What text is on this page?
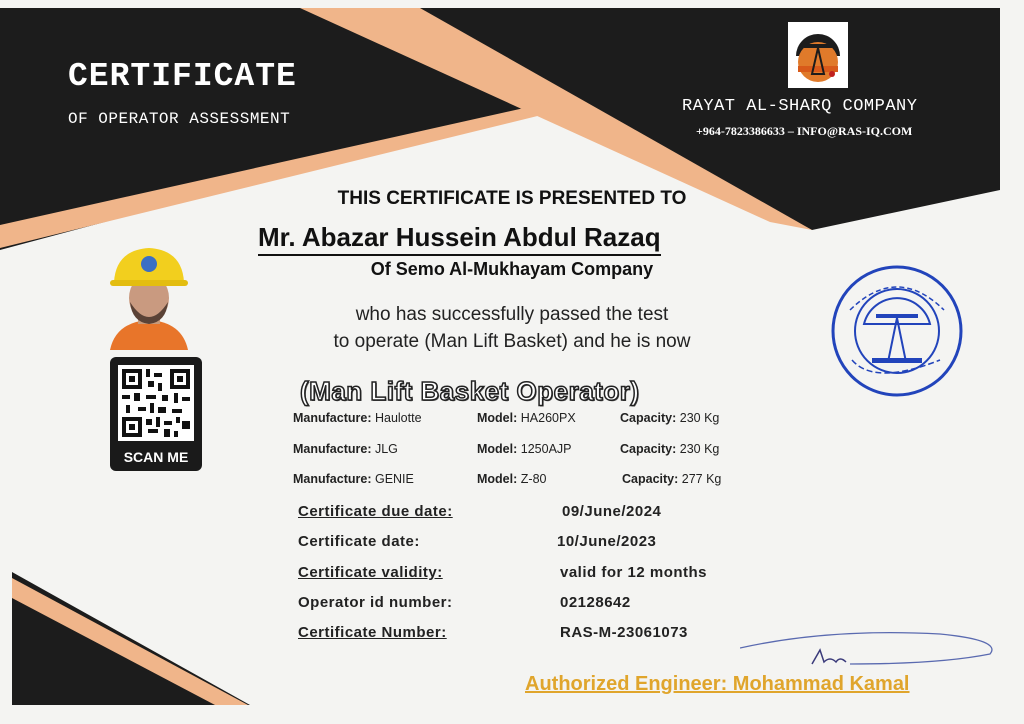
CERTIFICATE
OF OPERATOR ASSESSMENT
RAYAT AL-SHARQ COMPANY
+964-7823386633 – INFO@RAS-IQ.COM
THIS CERTIFICATE IS PRESENTED TO
Mr. Abazar Hussein Abdul Razaq
Of Semo Al-Mukhayam Company
who has successfully passed the test
to operate (Man Lift Basket) and he is now
(Man Lift Basket Operator)
Manufacture: Haulotte	Model: HA260PX	Capacity: 230 Kg
Manufacture: JLG	Model: 1250AJP	Capacity: 230 Kg
Manufacture: GENIE	Model: Z-80	Capacity: 277 Kg
Certificate due date:	09/June/2024
Certificate date:	10/June/2023
Certificate validity:	valid for 12 months
Operator id number:	02128642
Certificate Number:	RAS-M-23061073
SCAN ME
Authorized Engineer: Mohammad Kamal
